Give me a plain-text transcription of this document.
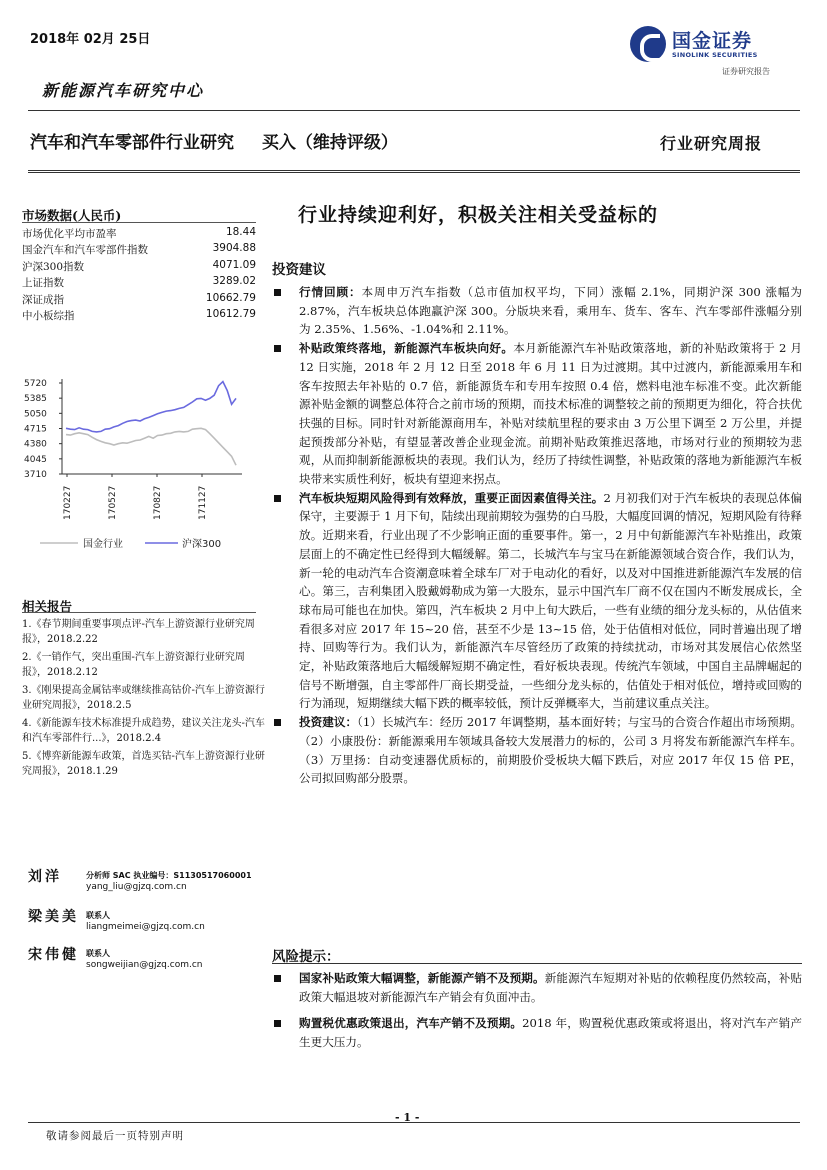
2018年 02月 25日	国金证券
SINOLINK SECURITIES
证券研究报告
新能源汽车研究中心
汽车和汽车零部件行业研究 买入（维持评级）	行业研究周报
市场数据(人民币)
市场优化平均市盈率	18.44
国金汽车和汽车零部件指数	3904.88
沪深300指数	4071.09
上证指数	3289.02
深证成指	10662.79
中小板综指	10612.79
5720
5385
5050
4715
4380
4045
3710
170227	170527	170827	171127
国金行业	沪深300
相关报告
1.《春节期间重要事项点评-汽车上游资源行业研究周报》，2018.2.22
2.《一销作气，突出重围-汽车上游资源行业研究周报》，2018.2.12
3.《刚果提高金属钴率或继续推高钴价-汽车上游资源行业研究周报》，2018.2.5
4.《新能源车技术标准提升成趋势，建议关注龙头-汽车和汽车零部件行...》，2018.2.4
5.《博弈新能源车政策，首选买钴-汽车上游资源行业研究周报》，2018.1.29
刘洋	分析师 SAC 执业编号：S1130517060001
yang_liu@gjzq.com.cn
梁美美 联系人
liangmeimei@gjzq.com.cn
宋伟健 联系人
songweijian@gjzq.com.cn
行业持续迎利好，积极关注相关受益标的
投资建议
行情回顾：本周申万汽车指数（总市值加权平均，下同）涨幅 2.1%，同期沪深 300 涨幅为 2.87%，汽车板块总体跑赢沪深 300。分版块来看，乘用车、货车、客车、汽车零部件涨幅分别为 2.35%、1.56%、-1.04%和 2.11%。
补贴政策终落地，新能源汽车板块向好。本月新能源汽车补贴政策落地，新的补贴政策将于 2 月 12 日实施，2018 年 2 月 12 日至 2018 年 6 月 11 日为过渡期。其中过渡内，新能源乘用车和客车按照去年补贴的 0.7 倍，新能源货车和专用车按照 0.4 倍，燃料电池车标准不变。此次新能源补贴金额的调整总体符合之前市场的预期，而技术标准的调整较之前的预期更为细化，符合扶优扶强的目标。同时针对新能源商用车，补贴对续航里程的要求由 3 万公里下调至 2 万公里，并提起预拨部分补贴，有望显著改善企业现金流。前期补贴政策推迟落地，市场对行业的预期较为悲观，从而抑制新能源板块的表现。我们认为，经历了持续性调整，补贴政策的落地为新能源汽车板块带来实质性利好，板块有望迎来拐点。
汽车板块短期风险得到有效释放，重要正面因素值得关注。2 月初我们对于汽车板块的表现总体偏保守，主要源于 1 月下旬，陆续出现前期较为强势的白马股，大幅度回调的情况，短期风险有待释放。近期来看，行业出现了不少影响正面的重要事件。第一，2 月中旬新能源汽车补贴推出，政策层面上的不确定性已经得到大幅缓解。第二，长城汽车与宝马在新能源领域合资合作，我们认为，新一轮的电动汽车合资潮意味着全球车厂对于电动化的看好，以及对中国推进新能源汽车发展的信心。第三，吉利集团入股戴姆勒成为第一大股东，显示中国汽车厂商不仅在国内不断发展成长，全球布局可能也在加快。第四，汽车板块 2 月中上旬大跌后，一些有业绩的细分龙头标的，从估值来看很多对应 2017 年 15~20 倍，甚至不少是 13~15 倍，处于估值相对低位，同时普遍出现了增持、回购等行为。我们认为，新能源汽车尽管经历了政策的持续扰动，市场对其发展信心依然坚定，补贴政策落地后大幅缓解短期不确定性，看好板块表现。传统汽车领域，中国自主品牌崛起的信号不断增强，自主零部件厂商长期受益，一些细分龙头标的，估值处于相对低位，增持或回购的行为涌现，短期继续大幅下跌的概率较低，预计反弹概率大，当前建议重点关注。
投资建议：（1）长城汽车：经历 2017 年调整期，基本面好转；与宝马的合资合作超出市场预期。（2）小康股份：新能源乘用车领域具备较大发展潜力的标的，公司 3 月将发布新能源汽车样车。（3）万里扬：自动变速器优质标的，前期股价受板块大幅下跌后，对应 2017 年仅 15 倍 PE，公司拟回购部分股票。
风险提示：
国家补贴政策大幅调整，新能源产销不及预期。新能源汽车短期对补贴的依赖程度仍然较高，补贴政策大幅退坡对新能源汽车产销会有负面冲击。
购置税优惠政策退出，汽车产销不及预期。2018 年，购置税优惠政策或将退出，将对汽车产销产生更大压力。
- 1 -
敬请参阅最后一页特别声明
